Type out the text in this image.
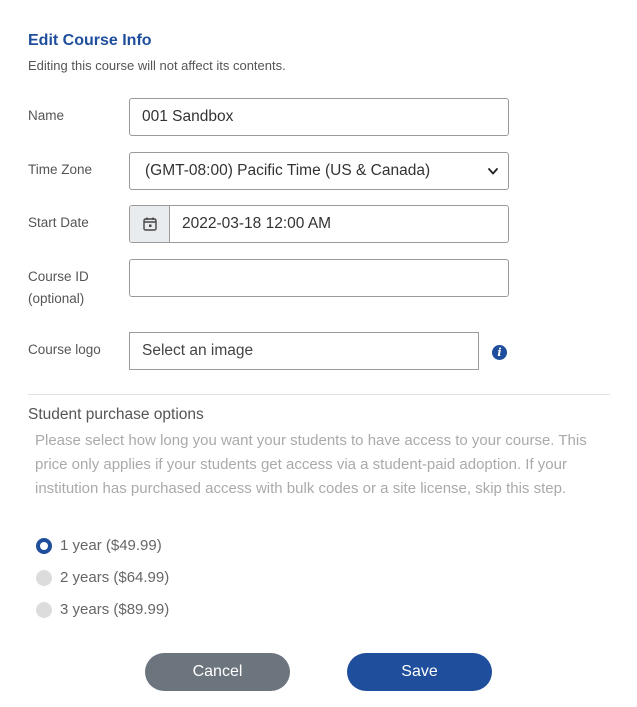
Edit Course Info
Editing this course will not affect its contents.
Name	001 Sandbox
Time Zone	(GMT-08:00) Pacific Time (US & Canada)
Start Date	2022-03-18 12:00 AM
Course ID
(optional)
Course logo	Select an image	i
Student purchase options
Please select how long you want your students to have access to your course. This price only applies if your students get access via a student-paid adoption. If your institution has purchased access with bulk codes or a site license, skip this step.
1 year ($49.99)
2 years ($64.99)
3 years ($89.99)
Cancel	Save
